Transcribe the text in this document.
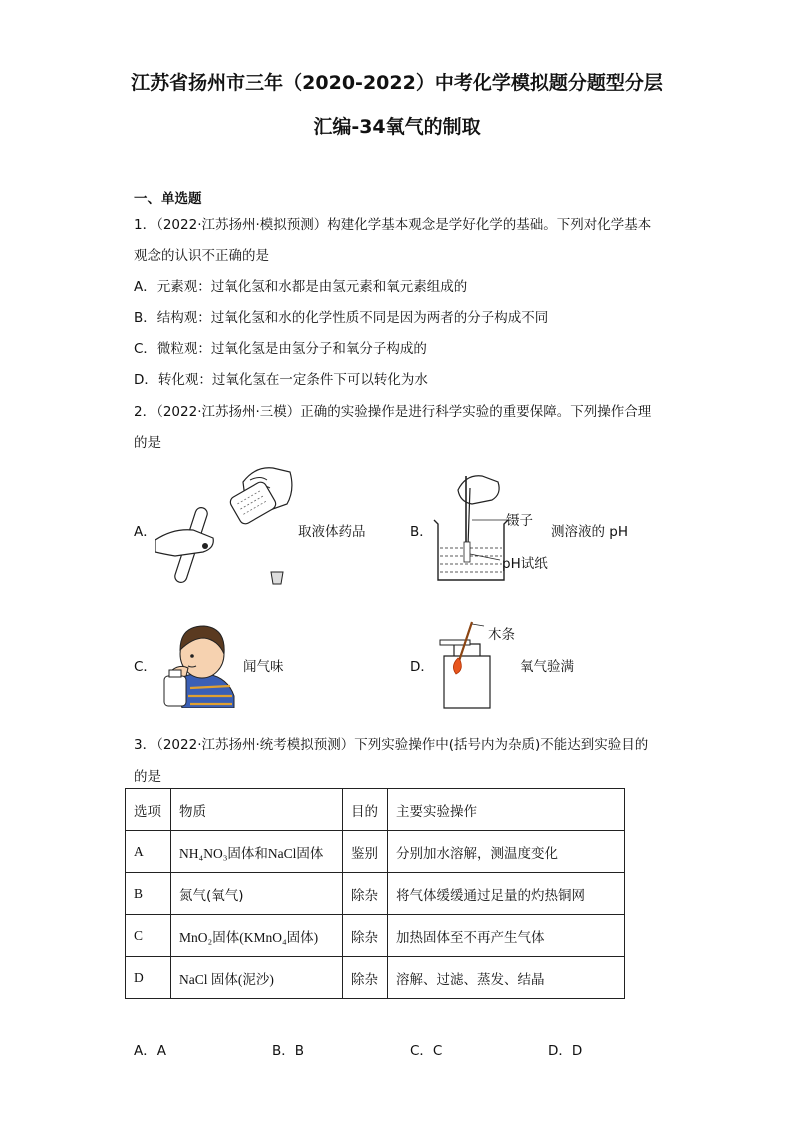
江苏省扬州市三年（2020-2022）中考化学模拟题分题型分层
汇编-34氧气的制取
一、单选题
1．（2022·江苏扬州·模拟预测）构建化学基本观念是学好化学的基础。下列对化学基本
观念的认识不正确的是
A．元素观：过氧化氢和水都是由氢元素和氧元素组成的
B．结构观：过氧化氢和水的化学性质不同是因为两者的分子构成不同
C．微粒观：过氧化氢是由氢分子和氧分子构成的
D．转化观：过氧化氢在一定条件下可以转化为水
2．（2022·江苏扬州·三模）正确的实验操作是进行科学实验的重要保障。下列操作合理
的是
A．	取液体药品	B．
镊子
测溶液的 pH
pH试纸
C．	闻气味	D．
木条
氧气验满
3．（2022·江苏扬州·统考模拟预测）下列实验操作中(括号内为杂质)不能达到实验目的
的是
选项	物质	目的	主要实验操作
A	NH₄NO₃固体和NaCl固体	鉴别	分别加水溶解，测温度变化
B	氮气(氧气)	除杂	将气体缓缓通过足量的灼热铜网
C	MnO₂固体(KMnO₄固体)	除杂	加热固体至不再产生气体
D	NaCl 固体(泥沙)	除杂	溶解、过滤、蒸发、结晶
A．A	B．B	C．C	D．D
